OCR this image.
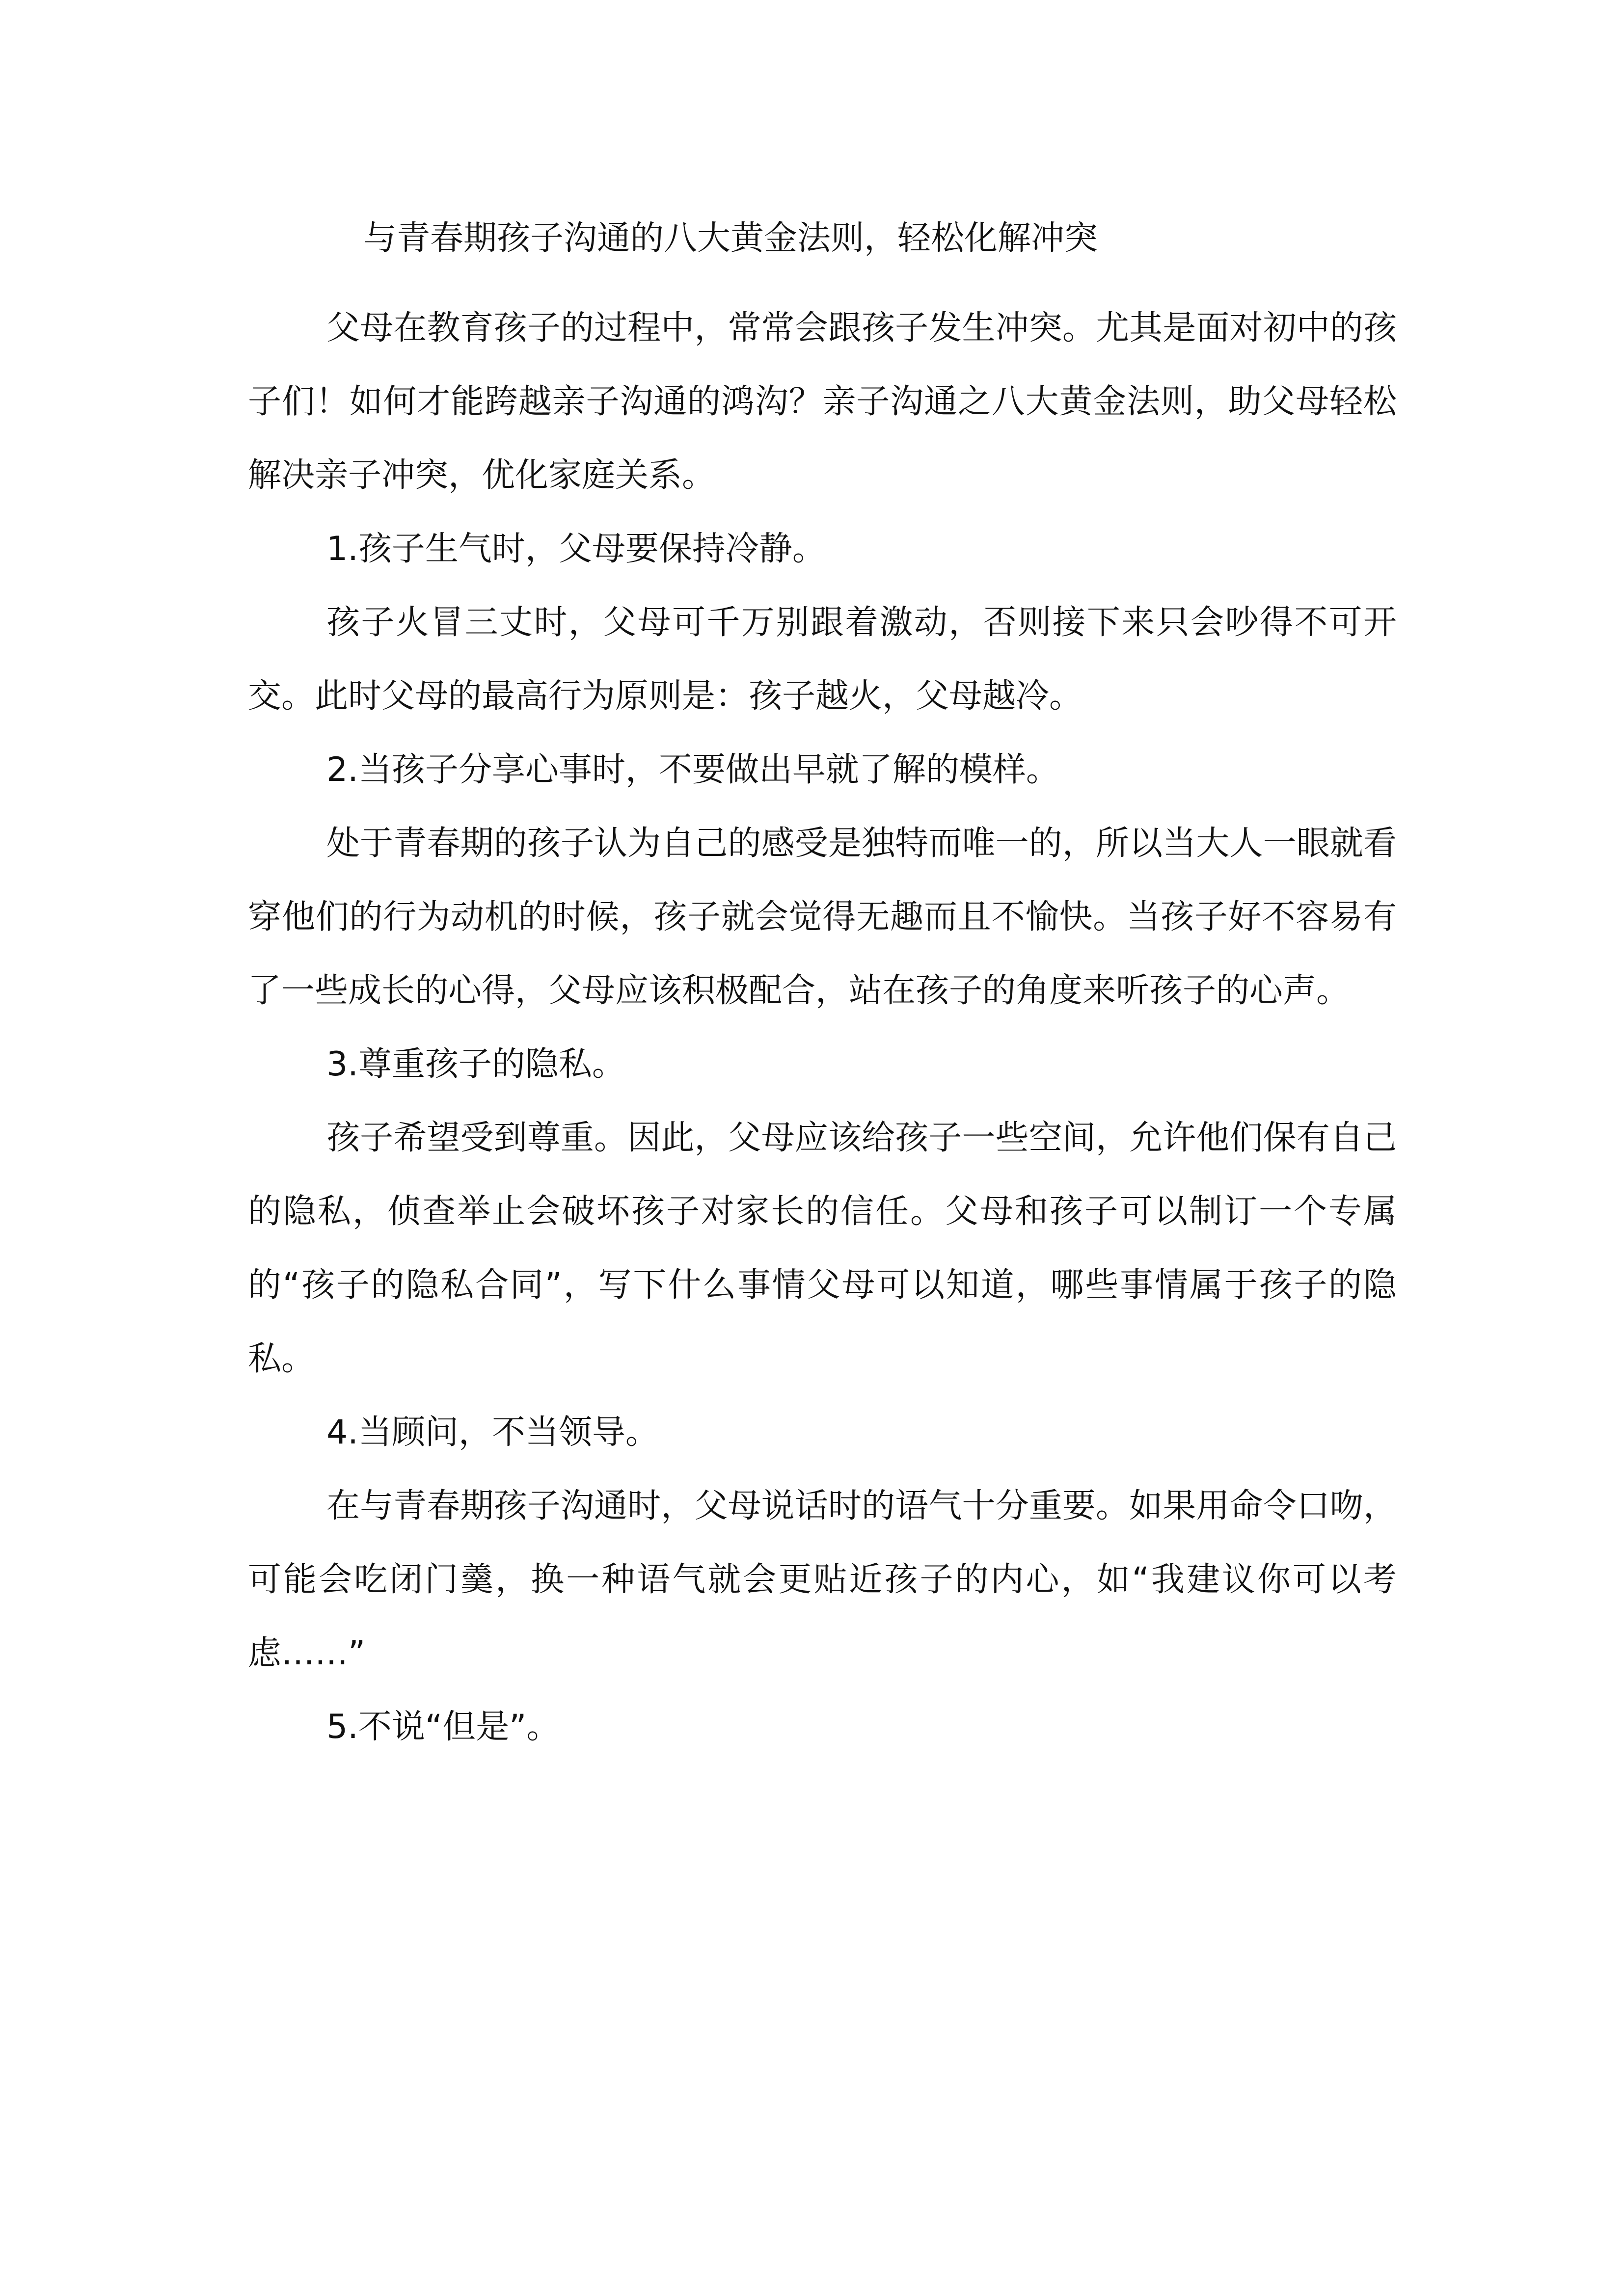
与青春期孩子沟通的八大黄金法则，轻松化解冲突

父母在教育孩子的过程中，常常会跟孩子发生冲突。尤其是面对初中的孩子们！如何才能跨越亲子沟通的鸿沟？亲子沟通之八大黄金法则，助父母轻松解决亲子冲突，优化家庭关系。

1.孩子生气时，父母要保持冷静。

孩子火冒三丈时，父母可千万别跟着激动，否则接下来只会吵得不可开交。此时父母的最高行为原则是：孩子越火，父母越冷。

2.当孩子分享心事时，不要做出早就了解的模样。

处于青春期的孩子认为自己的感受是独特而唯一的，所以当大人一眼就看穿他们的行为动机的时候，孩子就会觉得无趣而且不愉快。当孩子好不容易有了一些成长的心得，父母应该积极配合，站在孩子的角度来听孩子的心声。

3.尊重孩子的隐私。

孩子希望受到尊重。因此，父母应该给孩子一些空间，允许他们保有自己的隐私，侦查举止会破坏孩子对家长的信任。父母和孩子可以制订一个专属的“孩子的隐私合同”，写下什么事情父母可以知道，哪些事情属于孩子的隐私。

4.当顾问，不当领导。

在与青春期孩子沟通时，父母说话时的语气十分重要。如果用命令口吻，可能会吃闭门羹，换一种语气就会更贴近孩子的内心，如“我建议你可以考虑……”

5.不说“但是”。
